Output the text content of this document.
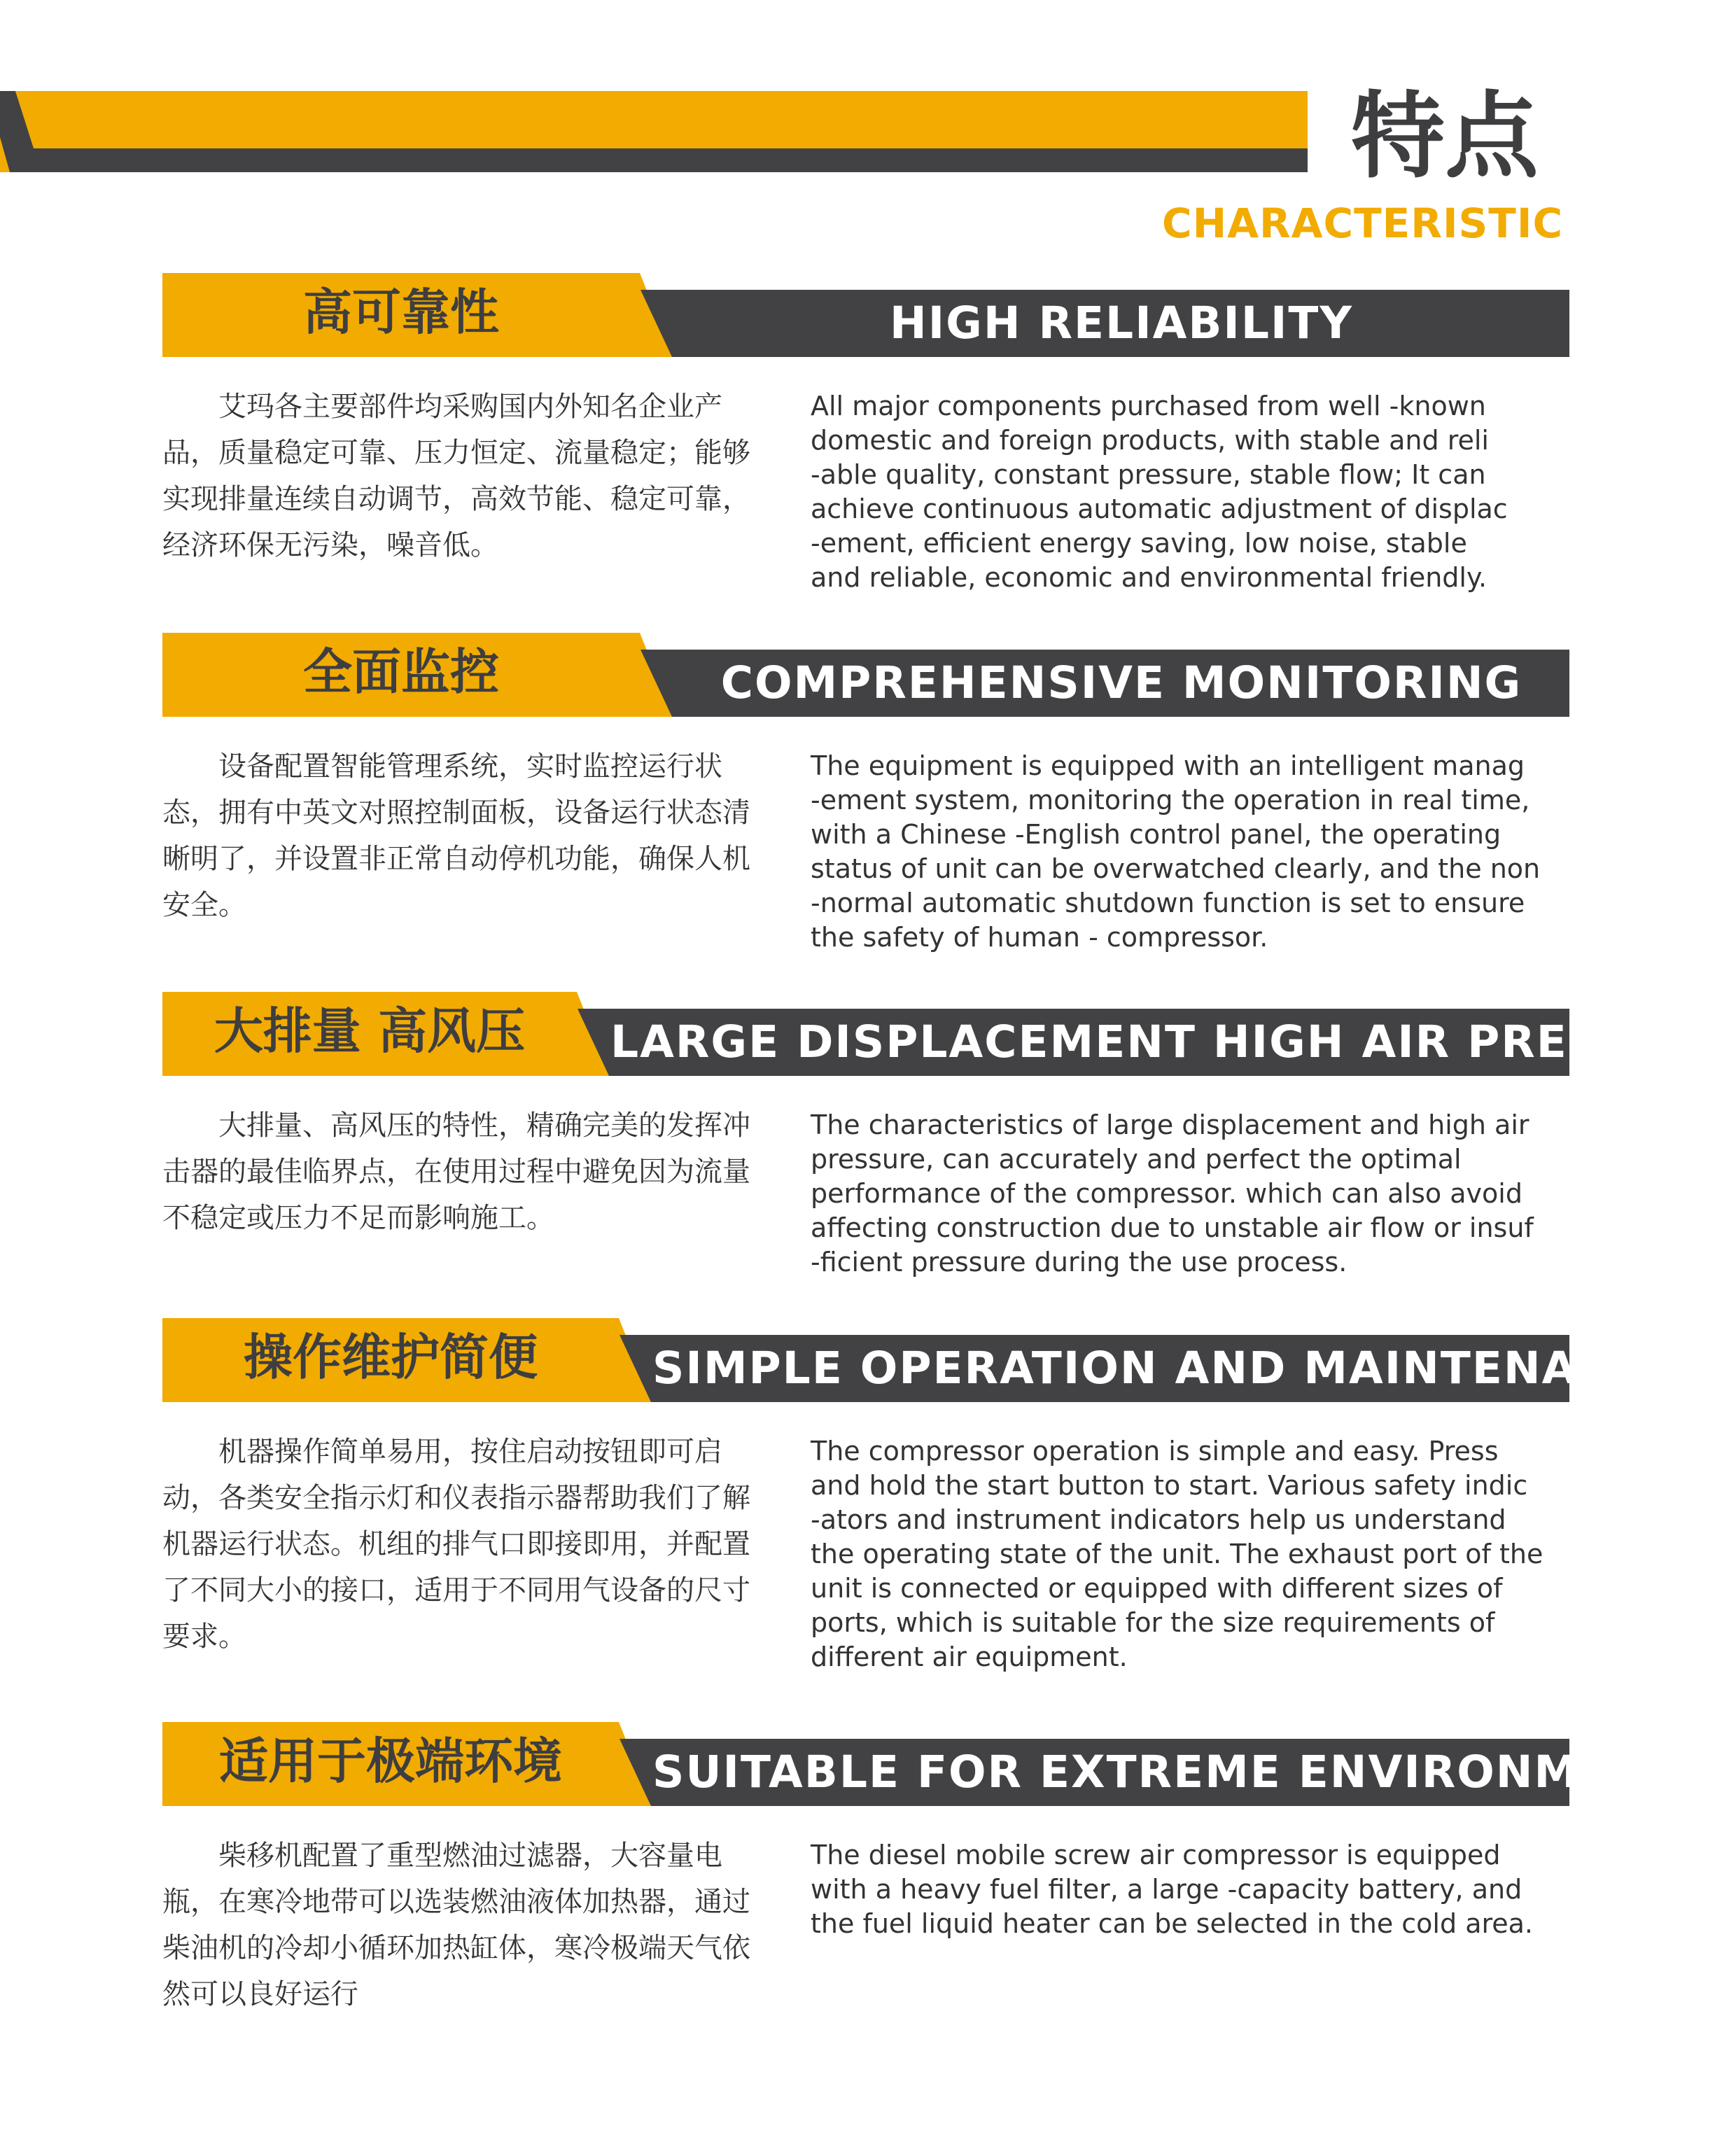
特点
CHARACTERISTIC
高可靠性	HIGH RELIABILITY

艾玛各主要部件均采购国内外知名企业产品，质量稳定可靠、压力恒定、流量稳定；能够实现排量连续自动调节，高效节能、稳定可靠，经济环保无污染，噪音低。

All major components purchased from well -known
domestic and foreign products, with stable and reli
-able quality, constant pressure, stable flow; It can
achieve continuous automatic adjustment of displac
-ement, efficient energy saving, low noise, stable
and reliable, economic and environmental friendly.

全面监控	COMPREHENSIVE MONITORING

设备配置智能管理系统，实时监控运行状态，拥有中英文对照控制面板，设备运行状态清晰明了，并设置非正常自动停机功能，确保人机安全。

The equipment is equipped with an intelligent manag
-ement system, monitoring the operation in real time,
with a Chinese -English control panel, the operating
status of unit can be overwatched clearly, and the non
-normal automatic shutdown function is set to ensure
the safety of human - compressor.

大排量 高风压	LARGE DISPLACEMENT HIGH AIR PRESSURE

大排量、高风压的特性，精确完美的发挥冲击器的最佳临界点，在使用过程中避免因为流量不稳定或压力不足而影响施工。

The characteristics of large displacement and high air
pressure, can accurately and perfect the optimal
performance of the compressor. which can also avoid
affecting construction due to unstable air flow or insuf
-ficient pressure during the use process.

操作维护简便	SIMPLE OPERATION AND MAINTENANCE

机器操作简单易用，按住启动按钮即可启动，各类安全指示灯和仪表指示器帮助我们了解机器运行状态。机组的排气口即接即用，并配置了不同大小的接口，适用于不同用气设备的尺寸要求。

The compressor operation is simple and easy. Press
and hold the start button to start. Various safety indic
-ators and instrument indicators help us understand
the operating state of the unit. The exhaust port of the
unit is connected or equipped with different sizes of
ports, which is suitable for the size requirements of
different air equipment.

适用于极端环境	SUITABLE FOR EXTREME ENVIRONMENTS

柴移机配置了重型燃油过滤器，大容量电瓶，在寒冷地带可以选装燃油液体加热器，通过柴油机的冷却小循环加热缸体，寒冷极端天气依然可以良好运行

The diesel mobile screw air compressor is equipped
with a heavy fuel filter, a large -capacity battery, and
the fuel liquid heater can be selected in the cold area.
